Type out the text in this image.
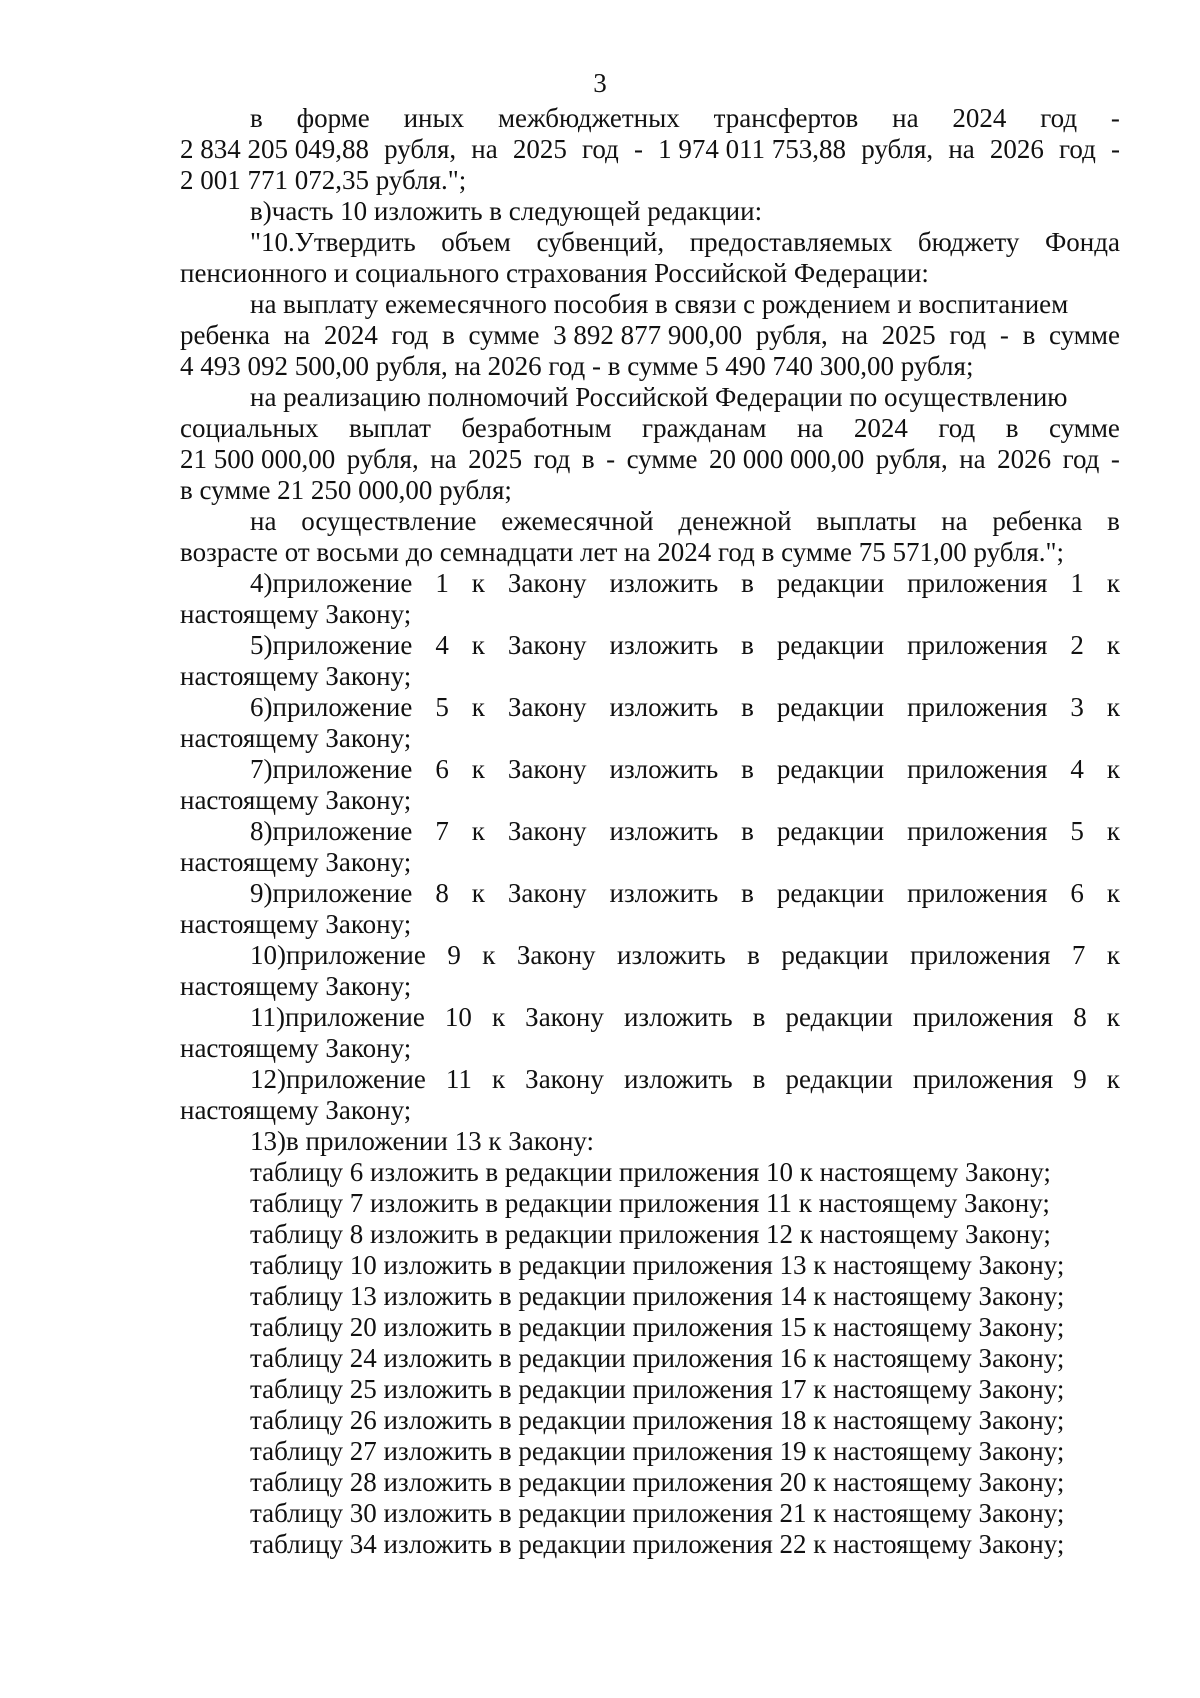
3
в форме иных межбюджетных трансфертов на 2024 год -
2 834 205 049,88 рубля, на 2025 год - 1 974 011 753,88 рубля, на 2026 год -
2 001 771 072,35 рубля.";
в)часть 10 изложить в следующей редакции:
"10.Утвердить объем субвенций, предоставляемых бюджету Фонда
пенсионного и социального страхования Российской Федерации:
на выплату ежемесячного пособия в связи с рождением и воспитанием
ребенка на 2024 год в сумме 3 892 877 900,00 рубля, на 2025 год - в сумме
4 493 092 500,00 рубля, на 2026 год - в сумме 5 490 740 300,00 рубля;
на реализацию полномочий Российской Федерации по осуществлению
социальных выплат безработным гражданам на 2024 год в сумме
21 500 000,00 рубля, на 2025 год в - сумме 20 000 000,00 рубля, на 2026 год -
в сумме 21 250 000,00 рубля;
на осуществление ежемесячной денежной выплаты на ребенка в
возрасте от восьми до семнадцати лет на 2024 год в сумме 75 571,00 рубля.";
4)приложение 1 к Закону изложить в редакции приложения 1 к
настоящему Закону;
5)приложение 4 к Закону изложить в редакции приложения 2 к
настоящему Закону;
6)приложение 5 к Закону изложить в редакции приложения 3 к
настоящему Закону;
7)приложение 6 к Закону изложить в редакции приложения 4 к
настоящему Закону;
8)приложение 7 к Закону изложить в редакции приложения 5 к
настоящему Закону;
9)приложение 8 к Закону изложить в редакции приложения 6 к
настоящему Закону;
10)приложение 9 к Закону изложить в редакции приложения 7 к
настоящему Закону;
11)приложение 10 к Закону изложить в редакции приложения 8 к
настоящему Закону;
12)приложение 11 к Закону изложить в редакции приложения 9 к
настоящему Закону;
13)в приложении 13 к Закону:
таблицу 6 изложить в редакции приложения 10 к настоящему Закону;
таблицу 7 изложить в редакции приложения 11 к настоящему Закону;
таблицу 8 изложить в редакции приложения 12 к настоящему Закону;
таблицу 10 изложить в редакции приложения 13 к настоящему Закону;
таблицу 13 изложить в редакции приложения 14 к настоящему Закону;
таблицу 20 изложить в редакции приложения 15 к настоящему Закону;
таблицу 24 изложить в редакции приложения 16 к настоящему Закону;
таблицу 25 изложить в редакции приложения 17 к настоящему Закону;
таблицу 26 изложить в редакции приложения 18 к настоящему Закону;
таблицу 27 изложить в редакции приложения 19 к настоящему Закону;
таблицу 28 изложить в редакции приложения 20 к настоящему Закону;
таблицу 30 изложить в редакции приложения 21 к настоящему Закону;
таблицу 34 изложить в редакции приложения 22 к настоящему Закону;
